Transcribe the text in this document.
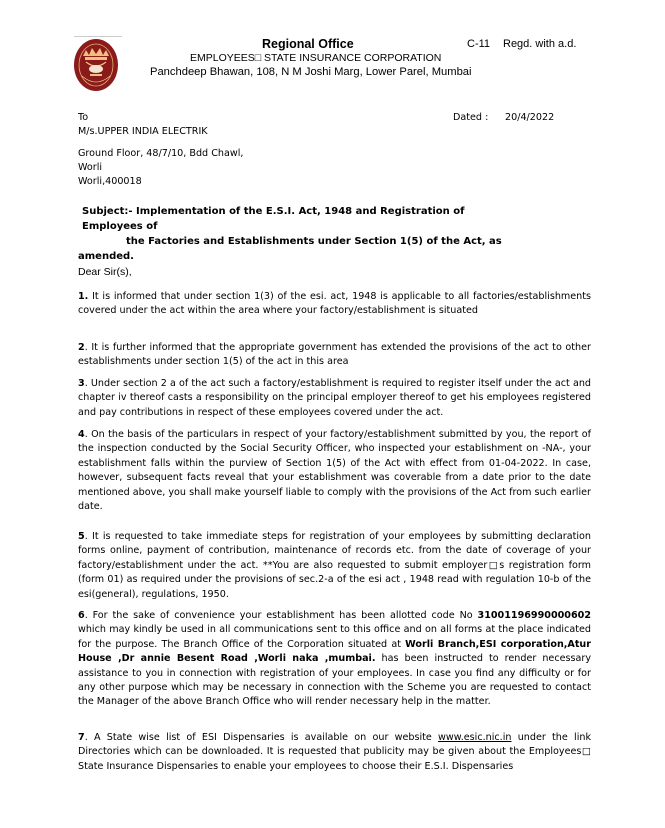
Regional Office
EMPLOYEES□ STATE INSURANCE CORPORATION
Panchdeep Bhawan, 108, N M Joshi Marg, Lower Parel, Mumbai
C-11 Regd. with a.d.
To
M/s.UPPER INDIA ELECTRIK
Ground Floor, 48/7/10, Bdd Chawl,
Worli
Worli,400018
Dated : 20/4/2022
Subject:- Implementation of the E.S.I. Act, 1948 and Registration of Employees of
the Factories and Establishments under Section 1(5) of the Act, as
amended.
Dear Sir(s),
1. It is informed that under section 1(3) of the esi. act, 1948 is applicable to all factories/establishments covered under the act within the area where your factory/establishment is situated
2. It is further informed that the appropriate government has extended the provisions of the act to other establishments under section 1(5) of the act in this area
3. Under section 2 a of the act such a factory/establishment is required to register itself under the act and chapter iv thereof casts a responsibility on the principal employer thereof to get his employees registered and pay contributions in respect of these employees covered under the act.
4. On the basis of the particulars in respect of your factory/establishment submitted by you, the report of the inspection conducted by the Social Security Officer, who inspected your establishment on -NA-, your establishment falls within the purview of Section 1(5) of the Act with effect from 01-04-2022. In case, however, subsequent facts reveal that your establishment was coverable from a date prior to the date mentioned above, you shall make yourself liable to comply with the provisions of the Act from such earlier date.
5. It is requested to take immediate steps for registration of your employees by submitting declaration forms online, payment of contribution, maintenance of records etc. from the date of coverage of your factory/establishment under the act. **You are also requested to submit employer□s registration form (form 01) as required under the provisions of sec.2-a of the esi act , 1948 read with regulation 10-b of the esi(general), regulations, 1950.
6. For the sake of convenience your establishment has been allotted code No 31001196990000602 which may kindly be used in all communications sent to this office and on all forms at the place indicated for the purpose. The Branch Office of the Corporation situated at Worli Branch,ESI corporation,Atur House ,Dr annie Besent Road ,Worli naka ,mumbai. has been instructed to render necessary assistance to you in connection with registration of your employees. In case you find any difficulty or for any other purpose which may be necessary in connection with the Scheme you are requested to contact the Manager of the above Branch Office who will render necessary help in the matter.
7. A State wise list of ESI Dispensaries is available on our website www.esic.nic.in under the link Directories which can be downloaded. It is requested that publicity may be given about the Employees□ State Insurance Dispensaries to enable your employees to choose their E.S.I. Dispensaries
